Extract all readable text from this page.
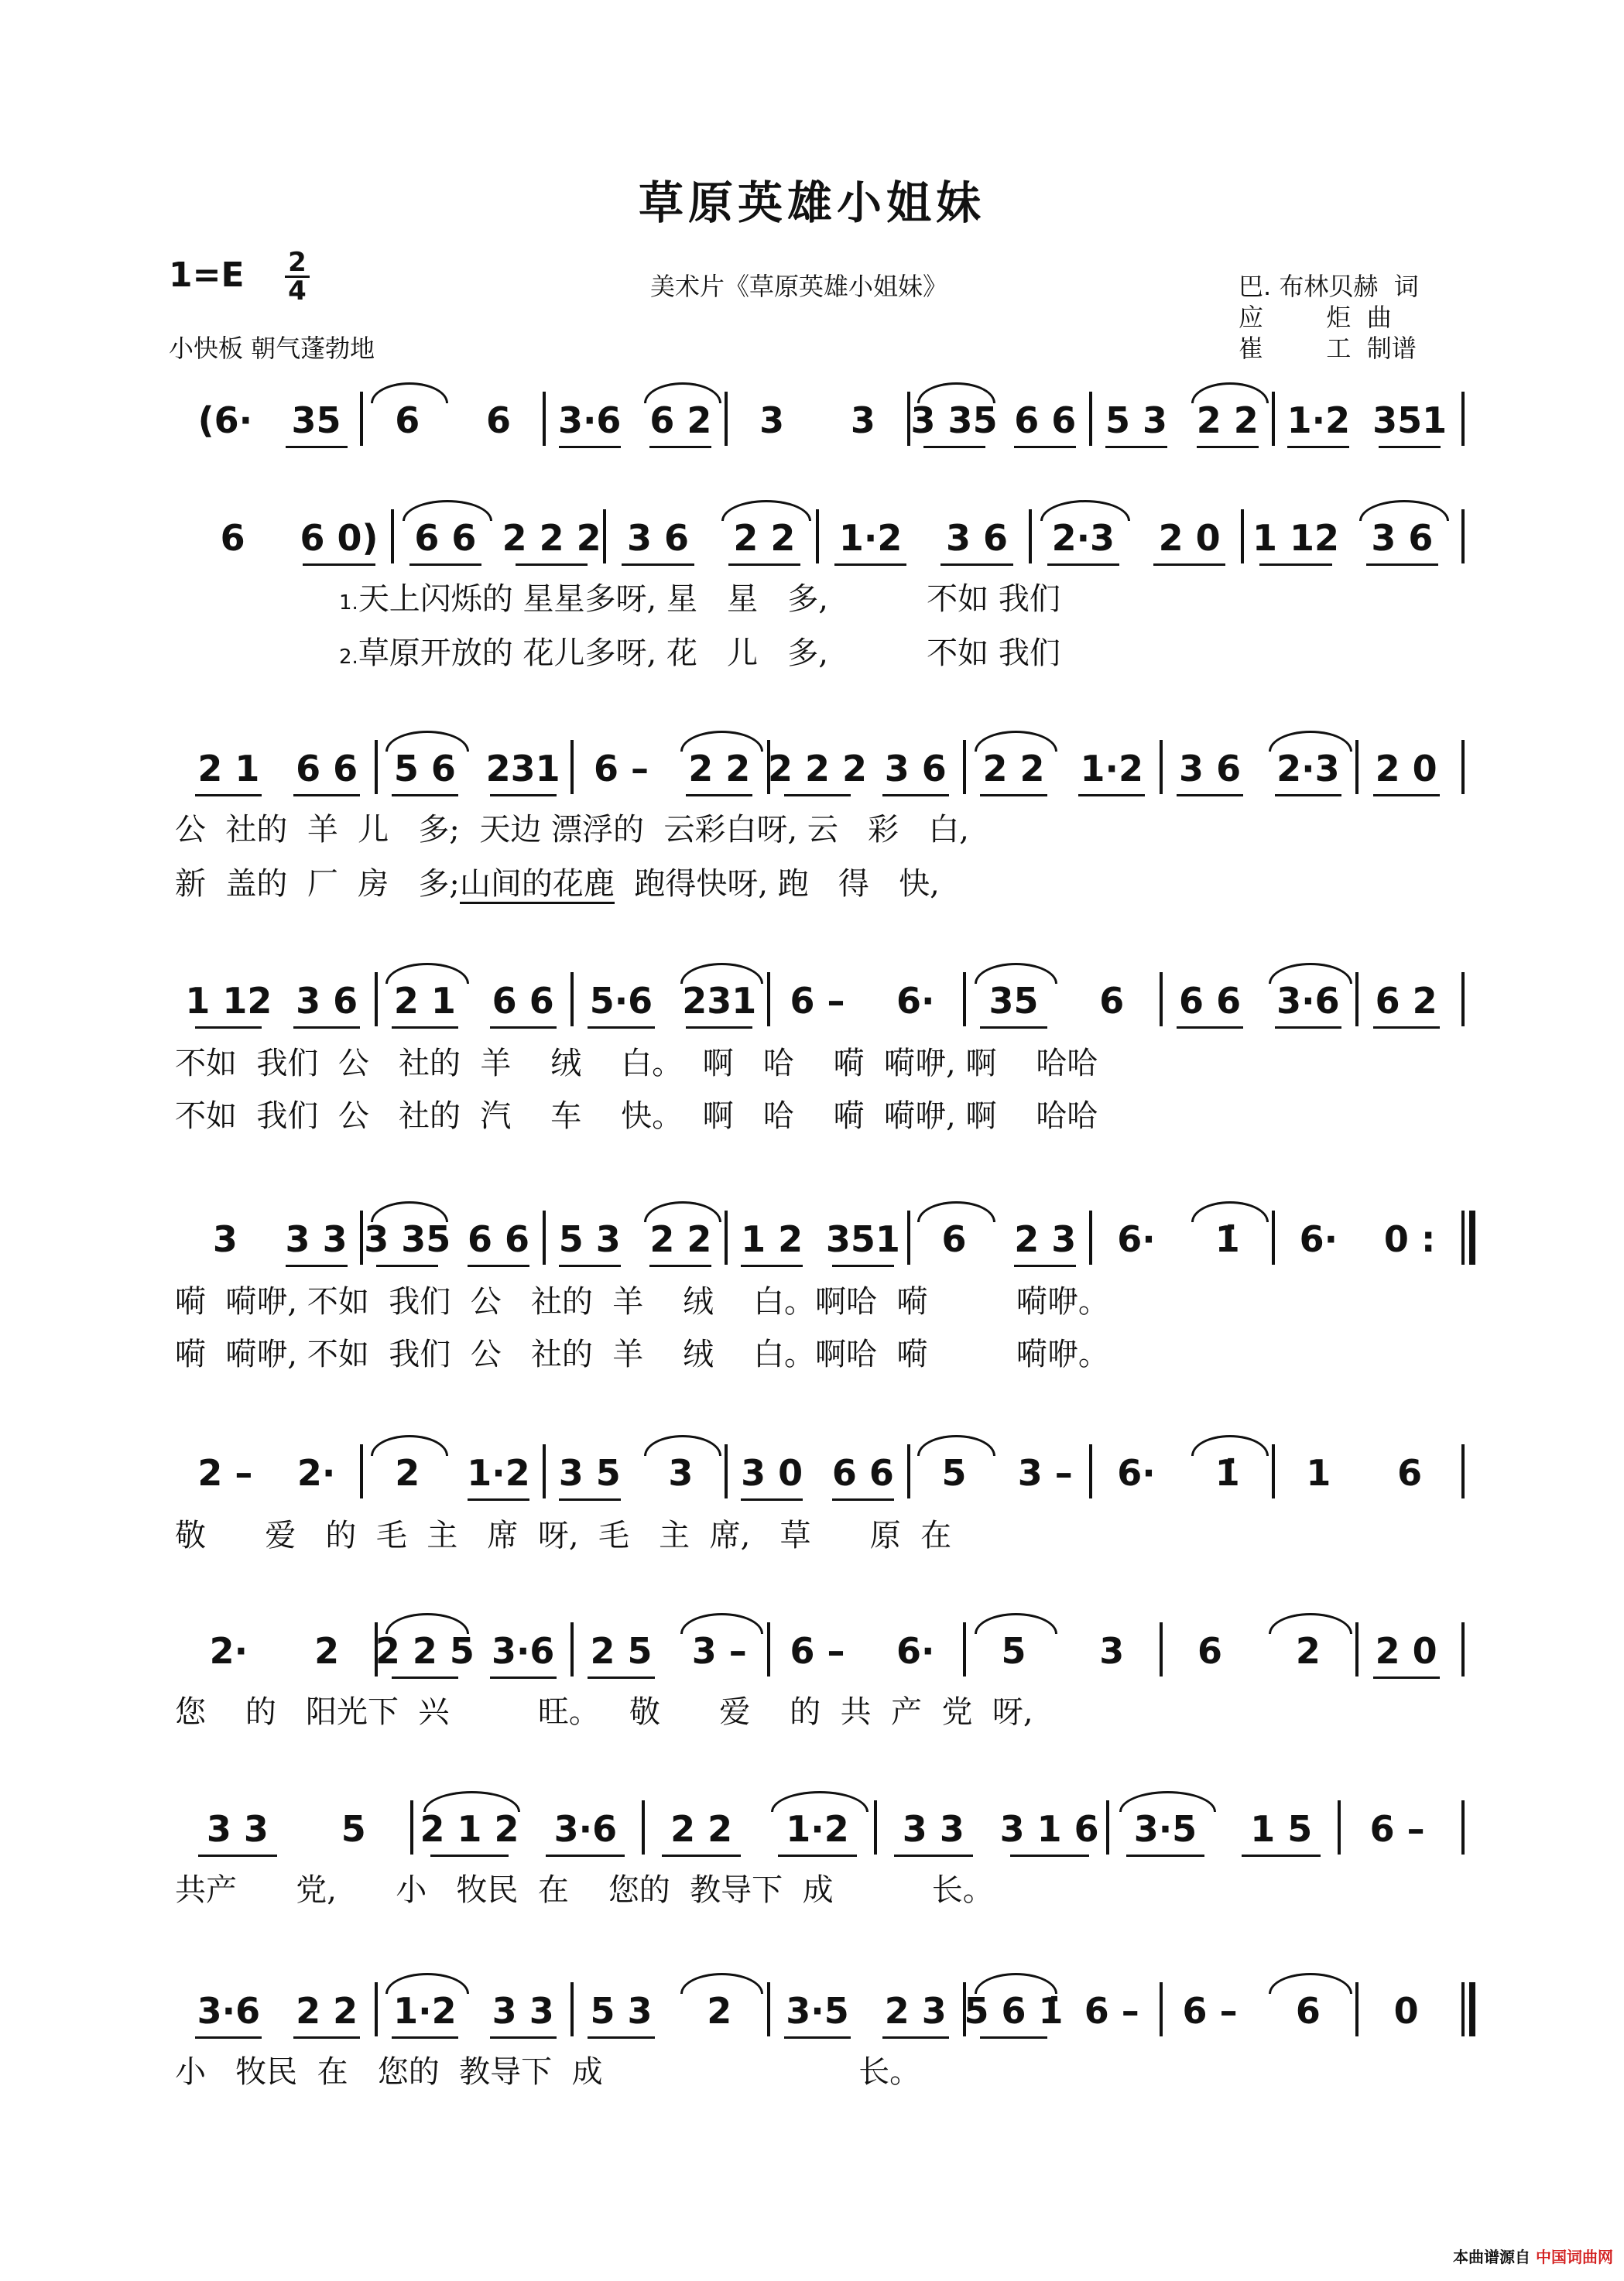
草原英雄小姐妹
1=E 2
4
小快板 朝气蓬勃地
美术片《草原英雄小姐妹》	巴. 布林贝赫  词
应        炬  曲
崔        工  制谱
(6· 35 6 6 3·6 6 2 3 3 3 35 6 6 5 3 2 2 1·2 351
6 6 0) 6 6 2 2 2 3 6 2 2 1·2 3 6 2·3 2 0 1 12 3 6
1.天上闪烁的 星星多呀, 星   星   多,          不如 我们
2.草原开放的 花儿多呀, 花   儿   多,          不如 我们
2 1 6 6 5 6 231 6 – 2 2 2 2 2 3 6 2 2 1·2 3 6 2·3 2 0
公  社的  羊  儿   多;  天边 漂浮的  云彩白呀, 云   彩   白,
新  盖的  厂  房   多;山间的花鹿  跑得快呀, 跑   得   快,
1 12 3 6 2 1 6 6 5·6 231 6 – 6· 35 6 6 6 3·6 6 2
不如  我们  公   社的  羊    绒    白。  啊   哈    嗬  嗬咿, 啊    哈哈
不如  我们  公   社的  汽    车    快。  啊   哈    嗬  嗬咿, 啊    哈哈
3 3 3 3 35 6 6 5 3 2 2 1 2 351 6 2 3 6· 1̇ 6· 0 :
嗬  嗬咿, 不如  我们  公   社的  羊    绒    白。啊哈  嗬         嗬咿。
嗬  嗬咿, 不如  我们  公   社的  羊    绒    白。啊哈  嗬         嗬咿。
2 – 2· 2 1·2 3 5 3 3 0 6 6 5 3 – 6· 1̇ 1 6
敬      爱   的  毛  主   席  呀,  毛   主  席,   草      原  在
2· 2 2 2 5 3·6 2 5 3 – 6 – 6· 5 3 6 2 2 0
您    的   阳光下  兴         旺。   敬      爱    的  共  产  党  呀,
3 3 5 2 1 2 3·6 2 2 1·2 3 3 3 1 6 3·5 1 5 6 –
共产      党,      小   牧民  在    您的  教导下  成          长。
3·6 2 2 1·2 3 3 5 3 2 3·5 2 3 5 6 1̇ 6 – 6 – 6 0
小   牧民  在   您的  教导下  成                          长。
本曲谱源自 中国词曲网
